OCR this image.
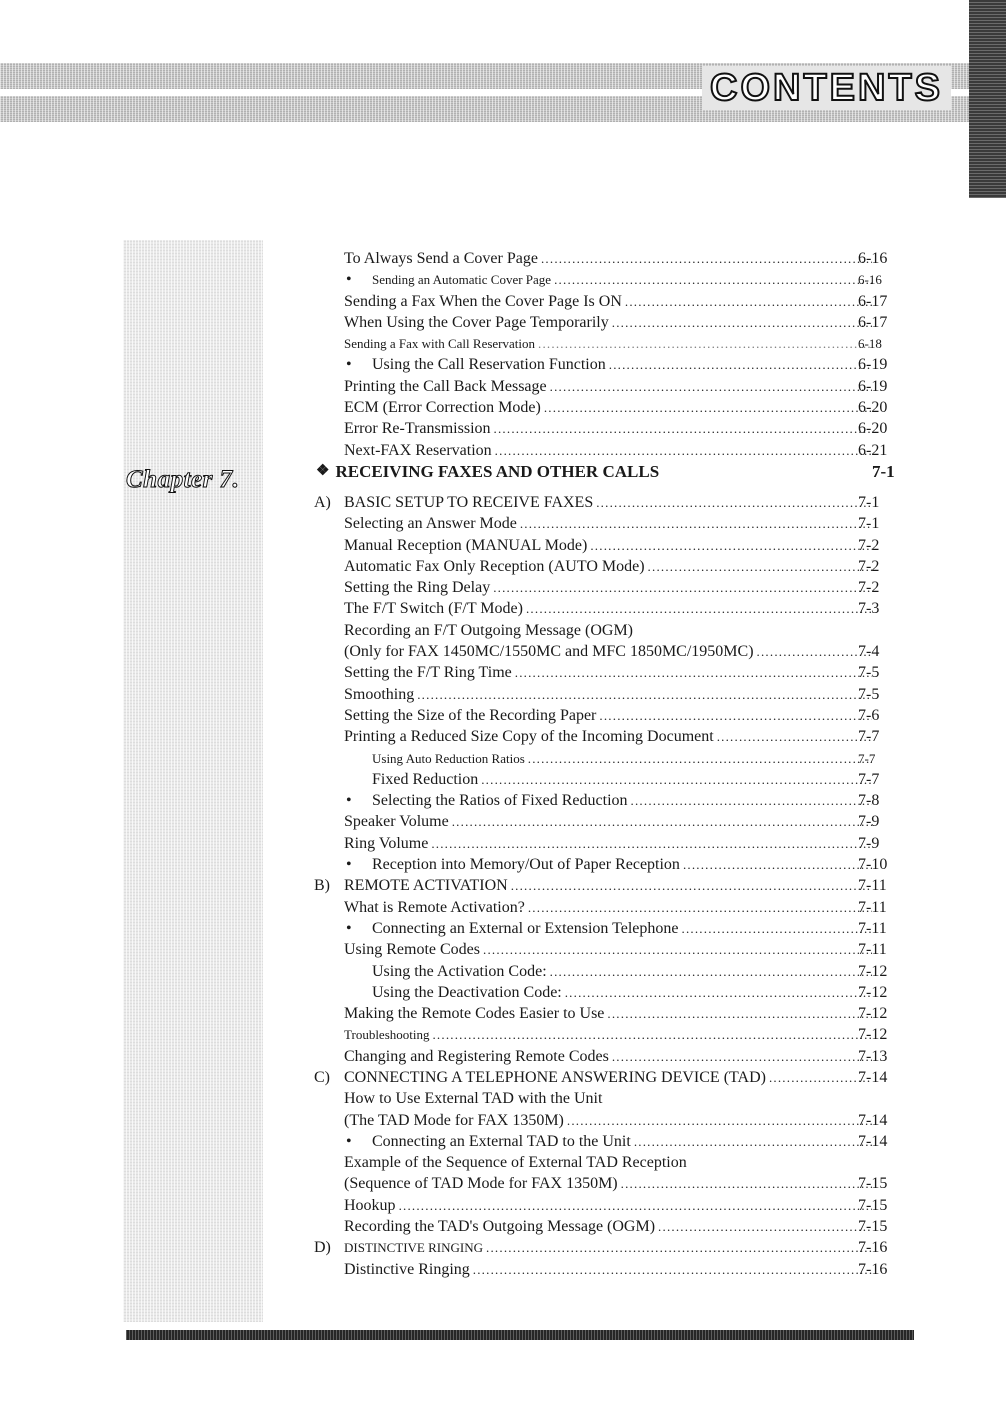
CONTENTS
Chapter 7.
To Always Send a Cover Page .....	6-16
• Sending an Automatic Cover Page .....	6-16
Sending a Fax When the Cover Page Is ON .....	6-17
When Using the Cover Page Temporarily .....	6-17
Sending a Fax with Call Reservation .....	6-18
• Using the Call Reservation Function .....	6-19
Printing the Call Back Message .....	6-19
ECM (Error Correction Mode) .....	6-20
Error Re-Transmission .....	6-20
Next-FAX Reservation .....	6-21
❖ RECEIVING FAXES AND OTHER CALLS	7-1
A) BASIC SETUP TO RECEIVE FAXES .....	7-1
Selecting an Answer Mode .....	7-1
Manual Reception (MANUAL Mode) .....	7-2
Automatic Fax Only Reception (AUTO Mode) .....	7-2
Setting the Ring Delay .....	7-2
The F/T Switch (F/T Mode) .....	7-3
Recording an F/T Outgoing Message (OGM)
(Only for FAX 1450MC/1550MC and MFC 1850MC/1950MC) .....	7-4
Setting the F/T Ring Time .....	7-5
Smoothing .....	7-5
Setting the Size of the Recording Paper .....	7-6
Printing a Reduced Size Copy of the Incoming Document .....	7-7
Using Auto Reduction Ratios .....	7-7
Fixed Reduction .....	7-7
• Selecting the Ratios of Fixed Reduction .....	7-8
Speaker Volume .....	7-9
Ring Volume .....	7-9
• Reception into Memory/Out of Paper Reception .....	7-10
B) REMOTE ACTIVATION .....	7-11
What is Remote Activation? .....	7-11
• Connecting an External or Extension Telephone .....	7-11
Using Remote Codes .....	7-11
Using the Activation Code: .....	7-12
Using the Deactivation Code: .....	7-12
Making the Remote Codes Easier to Use .....	7-12
Troubleshooting .....	7-12
Changing and Registering Remote Codes .....	7-13
C) CONNECTING A TELEPHONE ANSWERING DEVICE (TAD) .....	7-14
How to Use External TAD with the Unit
(The TAD Mode for FAX 1350M) .....	7-14
• Connecting an External TAD to the Unit .....	7-14
Example of the Sequence of External TAD Reception
(Sequence of TAD Mode for FAX 1350M) .....	7-15
Hookup .....	7-15
Recording the TAD's Outgoing Message (OGM) .....	7-15
D)	DISTINCTIVE RINGING .....	7-16
Distinctive Ringing .....	7-16
